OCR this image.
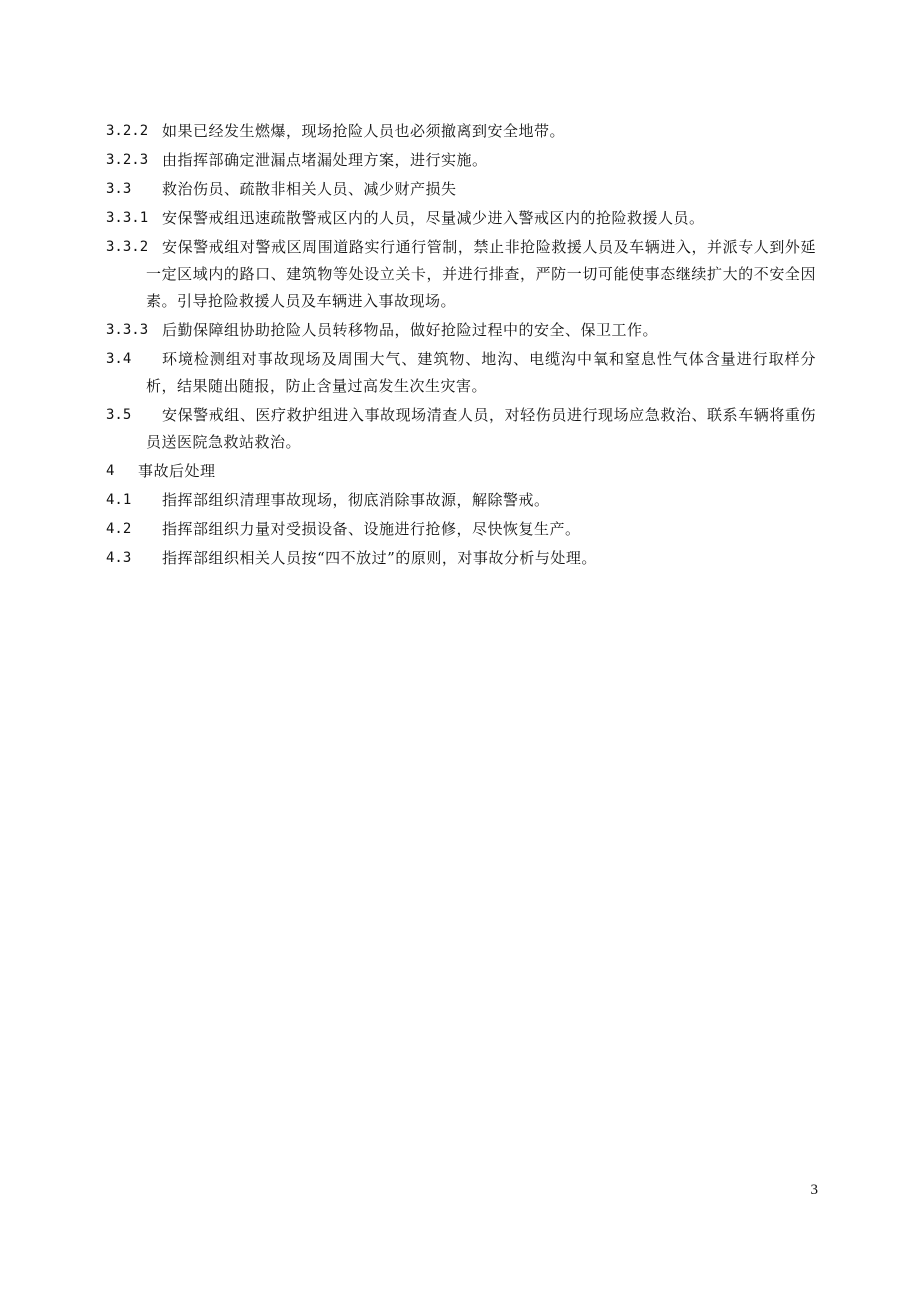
3.2.2 如果已经发生燃爆，现场抢险人员也必须撤离到安全地带。
3.2.3 由指挥部确定泄漏点堵漏处理方案，进行实施。
3.3	救治伤员、疏散非相关人员、减少财产损失
3.3.1 安保警戒组迅速疏散警戒区内的人员，尽量减少进入警戒区内的抢险救援人员。
3.3.2 安保警戒组对警戒区周围道路实行通行管制，禁止非抢险救援人员及车辆进入，并派专人到外延一定区域内的路口、建筑物等处设立关卡，并进行排查，严防一切可能使事态继续扩大的不安全因素。引导抢险救援人员及车辆进入事故现场。
3.3.3 后勤保障组协助抢险人员转移物品，做好抢险过程中的安全、保卫工作。
3.4	环境检测组对事故现场及周围大气、建筑物、地沟、电缆沟中氧和窒息性气体含量进行取样分析，结果随出随报，防止含量过高发生次生灾害。
3.5	安保警戒组、医疗救护组进入事故现场清查人员，对轻伤员进行现场应急救治、联系车辆将重伤员送医院急救站救治。
4	事故后处理
4.1	指挥部组织清理事故现场，彻底消除事故源，解除警戒。
4.2	指挥部组织力量对受损设备、设施进行抢修，尽快恢复生产。
4.3	指挥部组织相关人员按“四不放过”的原则，对事故分析与处理。
3
